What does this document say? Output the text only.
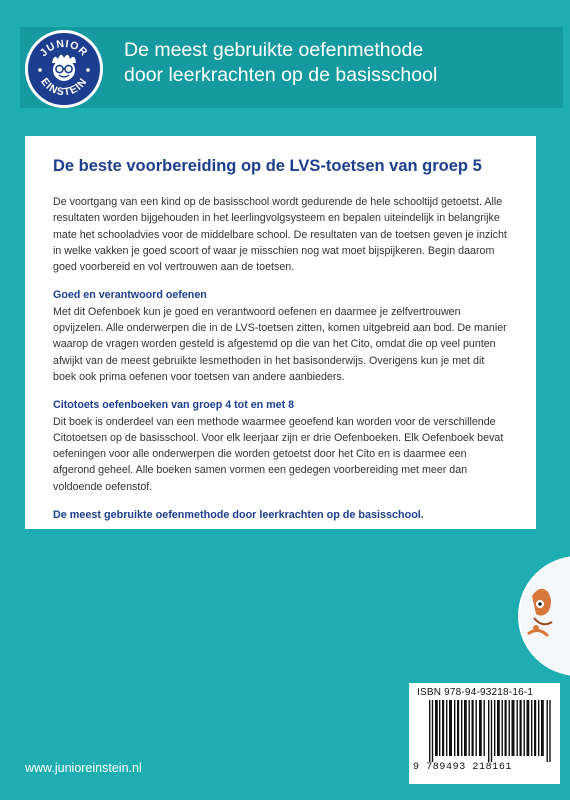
JUNIOR
EINSTEIN
De meest gebruikte oefenmethode
door leerkrachten op de basisschool
De beste voorbereiding op de LVS-toetsen van groep 5

De voortgang van een kind op de basisschool wordt gedurende de hele schooltijd getoetst. Alle resultaten worden bijgehouden in het leerlingvolgsysteem en bepalen uiteindelijk in belangrijke mate het schooladvies voor de middelbare school. De resultaten van de toetsen geven je inzicht in welke vakken je goed scoort of waar je misschien nog wat moet bijspijkeren. Begin daarom goed voorbereid en vol vertrouwen aan de toetsen.

Goed en verantwoord oefenen

Met dit Oefenboek kun je goed en verantwoord oefenen en daarmee je zelfvertrouwen opvijzelen. Alle onderwerpen die in de LVS-toetsen zitten, komen uitgebreid aan bod. De manier waarop de vragen worden gesteld is afgestemd op die van het Cito, omdat die op veel punten afwijkt van de meest gebruikte lesmethoden in het basisonderwijs. Overigens kun je met dit boek ook prima oefenen voor toetsen van andere aanbieders.

Citotoets oefenboeken van groep 4 tot en met 8

Dit boek is onderdeel van een methode waarmee geoefend kan worden voor de verschillende Citotoetsen op de basisschool. Voor elk leerjaar zijn er drie Oefenboeken. Elk Oefenboek bevat oefeningen voor alle onderwerpen die worden getoetst door het Cito en is daarmee een afgerond geheel. Alle boeken samen vormen een gedegen voorbereiding met meer dan voldoende oefenstof.

De meest gebruikte oefenmethode door leerkrachten op de basisschool.

ISBN 978-94-93218-16-1
9 789493 218161
www.junioreinstein.nl
